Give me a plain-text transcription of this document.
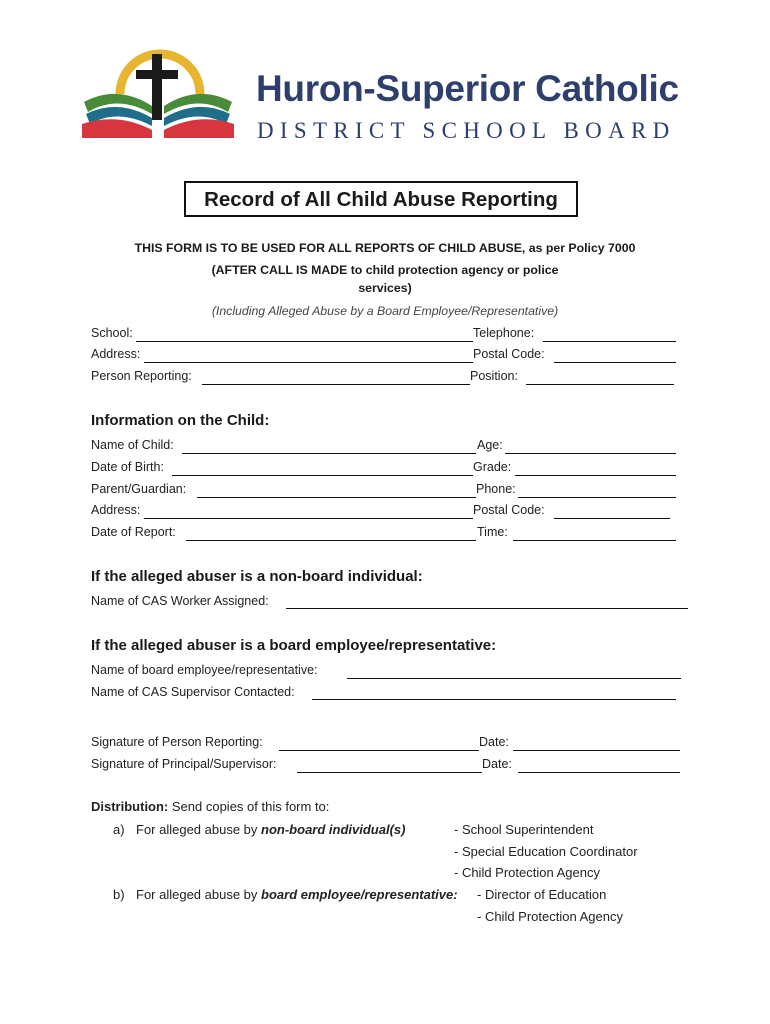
Huron-Superior Catholic
DISTRICT SCHOOL BOARD
Record of All Child Abuse Reporting
THIS FORM IS TO BE USED FOR ALL REPORTS OF CHILD ABUSE, as per Policy 7000
(AFTER CALL IS MADE to child protection agency or police
services)
(Including Alleged Abuse by a Board Employee/Representative)
School:	Telephone:
Address:	Postal Code:
Person Reporting:	Position:
Information on the Child:
Name of Child:	Age:
Date of Birth:	Grade:
Parent/Guardian:	Phone:
Address:	Postal Code:
Date of Report:	Time:
If the alleged abuser is a non-board individual:
Name of CAS Worker Assigned:
If the alleged abuser is a board employee/representative:
Name of board employee/representative:
Name of CAS Supervisor Contacted:
Signature of Person Reporting:	Date:
Signature of Principal/Supervisor:	Date:
Distribution: Send copies of this form to:
a) For alleged abuse by non-board individual(s)	- School Superintendent
- Special Education Coordinator
- Child Protection Agency
b) For alleged abuse by board employee/representative: - Director of Education
- Child Protection Agency
